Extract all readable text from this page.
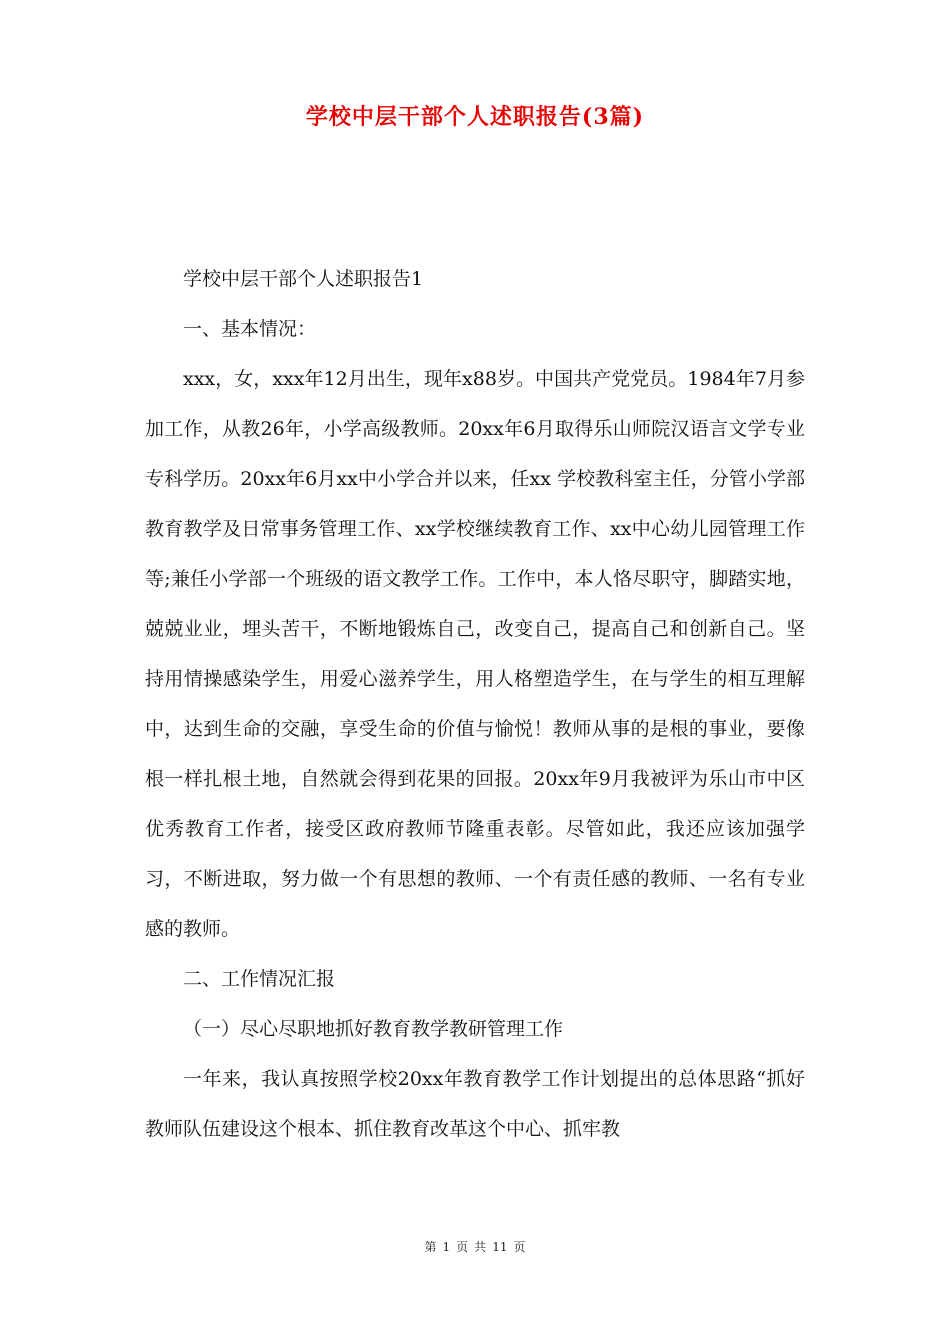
学校中层干部个人述职报告(3篇)

学校中层干部个人述职报告1

一、基本情况：

xxx，女，xxx年12月出生，现年x88岁。中国共产党党员。1984年7月参加工作，从教26年，小学高级教师。20xx年6月取得乐山师院汉语言文学专业专科学历。20xx年6月xx中小学合并以来，任xx 学校教科室主任，分管小学部教育教学及日常事务管理工作、xx学校继续教育工作、xx中心幼儿园管理工作等;兼任小学部一个班级的语文教学工作。工作中，本人恪尽职守，脚踏实地，兢兢业业，埋头苦干，不断地锻炼自己，改变自己，提高自己和创新自己。坚持用情操感染学生，用爱心滋养学生，用人格塑造学生，在与学生的相互理解中，达到生命的交融，享受生命的价值与愉悦！教师从事的是根的事业，要像根一样扎根土地，自然就会得到花果的回报。20xx年9月我被评为乐山市中区优秀教育工作者，接受区政府教师节隆重表彰。尽管如此，我还应该加强学习，不断进取，努力做一个有思想的教师、一个有责任感的教师、一名有专业感的教师。

二、工作情况汇报

（一）尽心尽职地抓好教育教学教研管理工作

一年来，我认真按照学校20xx年教育教学工作计划提出的总体思路“抓好教师队伍建设这个根本、抓住教育改革这个中心、抓牢教

第 1 页 共 11 页
